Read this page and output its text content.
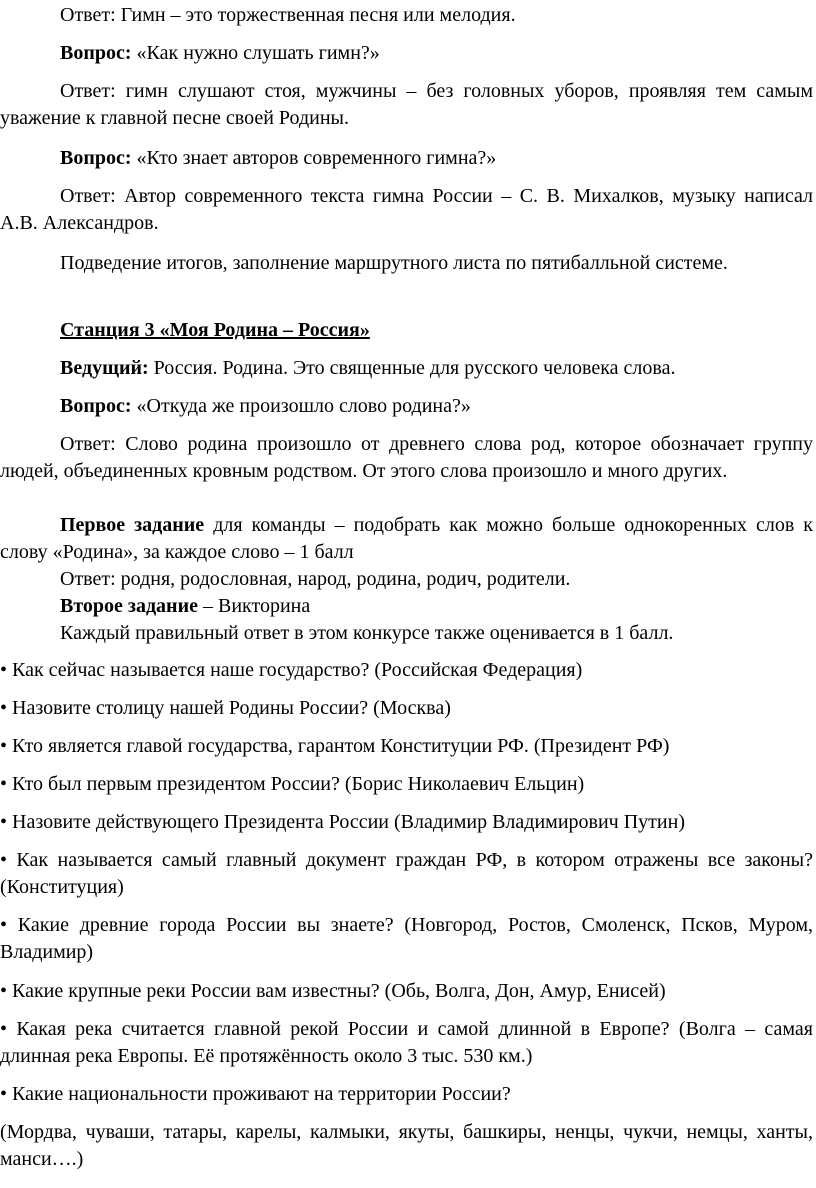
Ответ: Гимн – это торжественная песня или мелодия.

Вопрос: «Как нужно слушать гимн?»

Ответ: гимн слушают стоя, мужчины – без головных уборов, проявляя тем самым уважение к главной песне своей Родины.

Вопрос: «Кто знает авторов современного гимна?»

Ответ: Автор современного текста гимна России – С. В. Михалков, музыку написал А.В. Александров.

Подведение итогов, заполнение маршрутного листа по пятибалльной системе.

Станция 3 «Моя Родина – Россия»

Ведущий: Россия. Родина. Это священные для русского человека слова.

Вопрос: «Откуда же произошло слово родина?»

Ответ: Слово родина произошло от древнего слова род, которое обозначает группу людей, объединенных кровным родством. От этого слова произошло и много других.

Первое задание для команды – подобрать как можно больше однокоренных слов к слову «Родина», за каждое слово – 1 балл

Ответ: родня, родословная, народ, родина, родич, родители.

Второе задание – Викторина

Каждый правильный ответ в этом конкурсе также оценивается в 1 балл.

• Как сейчас называется наше государство? (Российская Федерация)

• Назовите столицу нашей Родины России? (Москва)

• Кто является главой государства, гарантом Конституции РФ. (Президент РФ)

• Кто был первым президентом России? (Борис Николаевич Ельцин)

• Назовите действующего Президента России (Владимир Владимирович Путин)

• Как называется самый главный документ граждан РФ, в котором отражены все законы? (Конституция)

• Какие древние города России вы знаете? (Новгород, Ростов, Смоленск, Псков, Муром, Владимир)

• Какие крупные реки России вам известны? (Обь, Волга, Дон, Амур, Енисей)

• Какая река считается главной рекой России и самой длинной в Европе? (Волга – самая длинная река Европы. Её протяжённость около 3 тыс. 530 км.)

• Какие национальности проживают на территории России?

(Мордва, чуваши, татары, карелы, калмыки, якуты, башкиры, ненцы, чукчи, немцы, ханты, манси….)
